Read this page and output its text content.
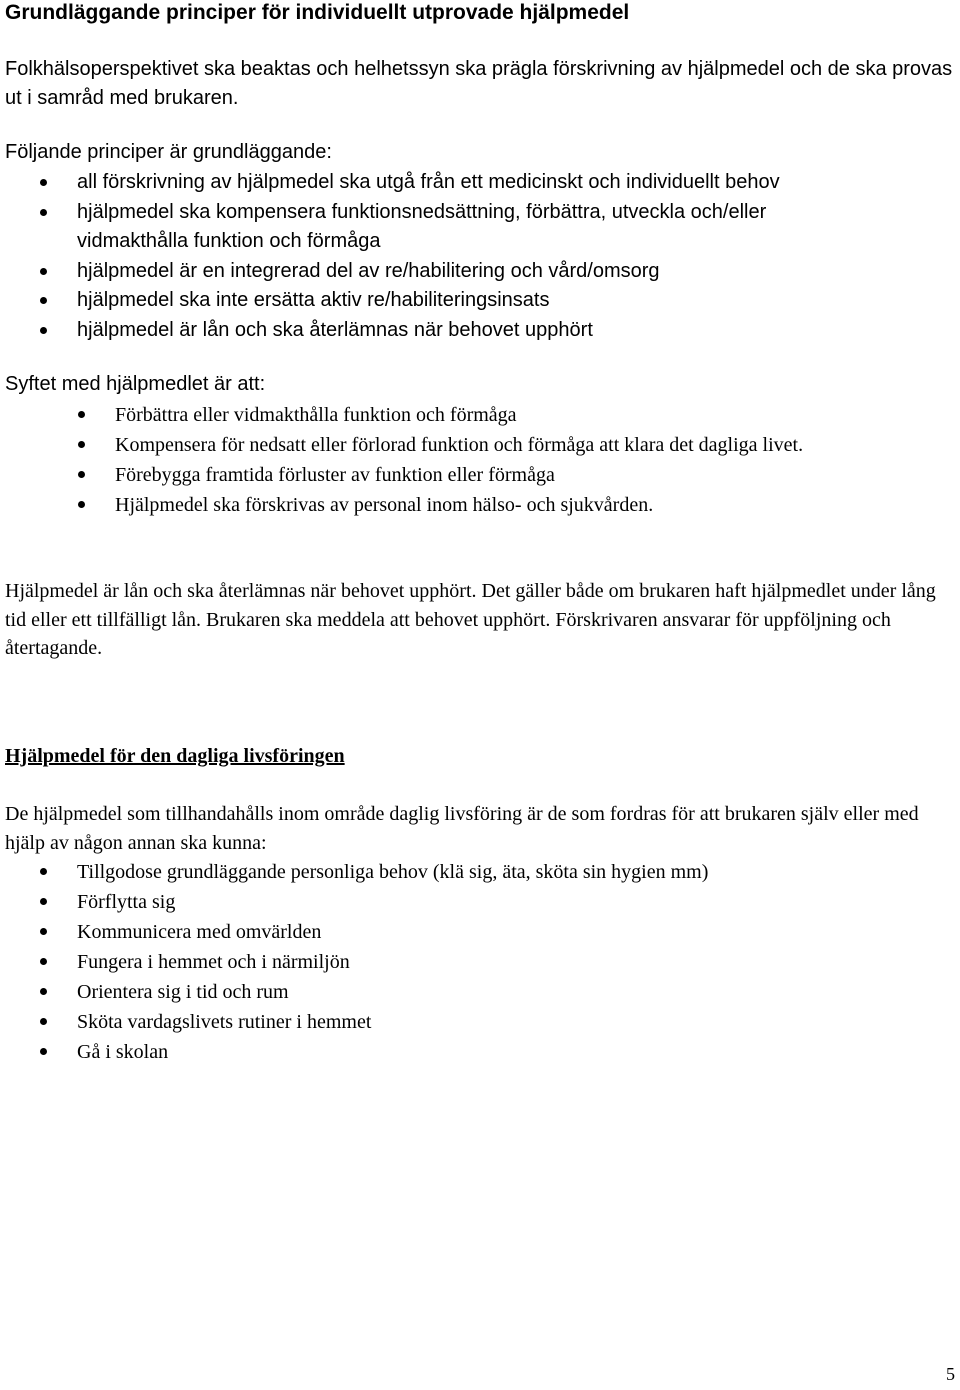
Grundläggande principer för individuellt utprovade hjälpmedel

Folkhälsoperspektivet ska beaktas och helhetssyn ska prägla förskrivning av hjälpmedel och de ska provas ut i samråd med brukaren.

Följande principer är grundläggande:

all förskrivning av hjälpmedel ska utgå från ett medicinskt och individuellt behov
hjälpmedel ska kompensera funktionsnedsättning, förbättra, utveckla och/eller
vidmakthålla funktion och förmåga
hjälpmedel är en integrerad del av re/habilitering och vård/omsorg
hjälpmedel ska inte ersätta aktiv re/habiliteringsinsats
hjälpmedel är lån och ska återlämnas när behovet upphört

Syftet med hjälpmedlet är att:

Förbättra eller vidmakthålla funktion och förmåga
Kompensera för nedsatt eller förlorad funktion och förmåga att klara det dagliga livet.
Förebygga framtida förluster av funktion eller förmåga
Hjälpmedel ska förskrivas av personal inom hälso- och sjukvården.

Hjälpmedel är lån och ska återlämnas när behovet upphört. Det gäller både om brukaren haft hjälpmedlet under lång tid eller ett tillfälligt lån. Brukaren ska meddela att behovet upphört. Förskrivaren ansvarar för uppföljning och återtagande.

Hjälpmedel för den dagliga livsföringen

De hjälpmedel som tillhandahålls inom område daglig livsföring är de som fordras för att brukaren själv eller med hjälp av någon annan ska kunna:

Tillgodose grundläggande personliga behov (klä sig, äta, sköta sin hygien mm)
Förflytta sig
Kommunicera med omvärlden
Fungera i hemmet och i närmiljön
Orientera sig i tid och rum
Sköta vardagslivets rutiner i hemmet
Gå i skolan
5
